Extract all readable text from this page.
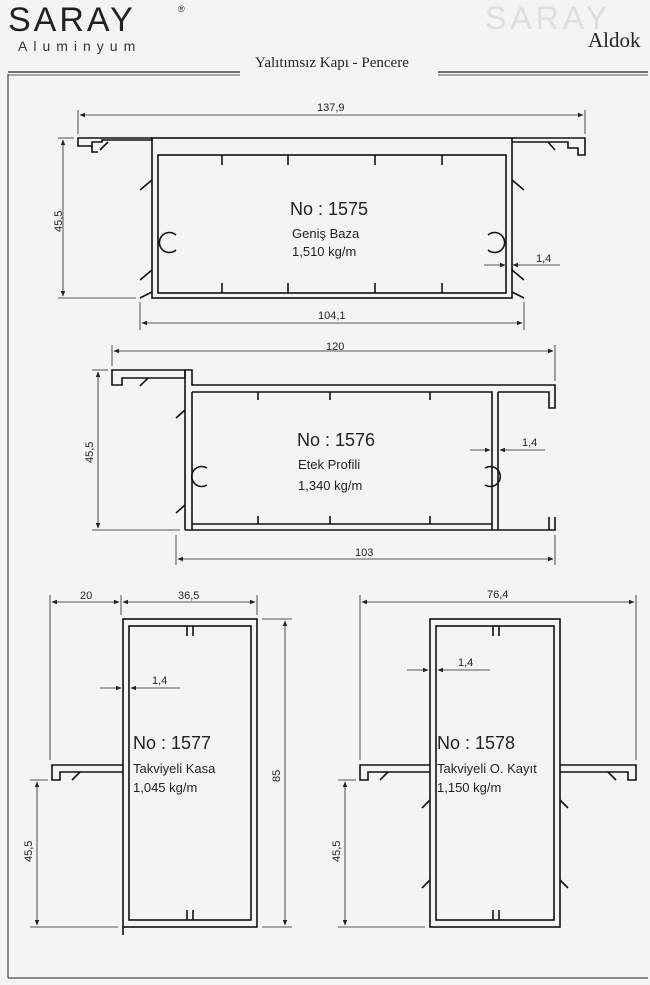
SARAY	®
Aluminyum
SARAY
Yalıtımsız Kapı - Pencere
Aldok
137,9
45,5
104,1
1,4
No : 1575
Geniş Baza
1,510 kg/m
120
45,5
103
1,4
No : 1576
Etek Profili
1,340 kg/m
20	36,5
1,4
85
45,5
No : 1577
Takviyeli Kasa
1,045 kg/m
76,4
1,4
45,5
No : 1578
Takviyeli O. Kayıt
1,150 kg/m
